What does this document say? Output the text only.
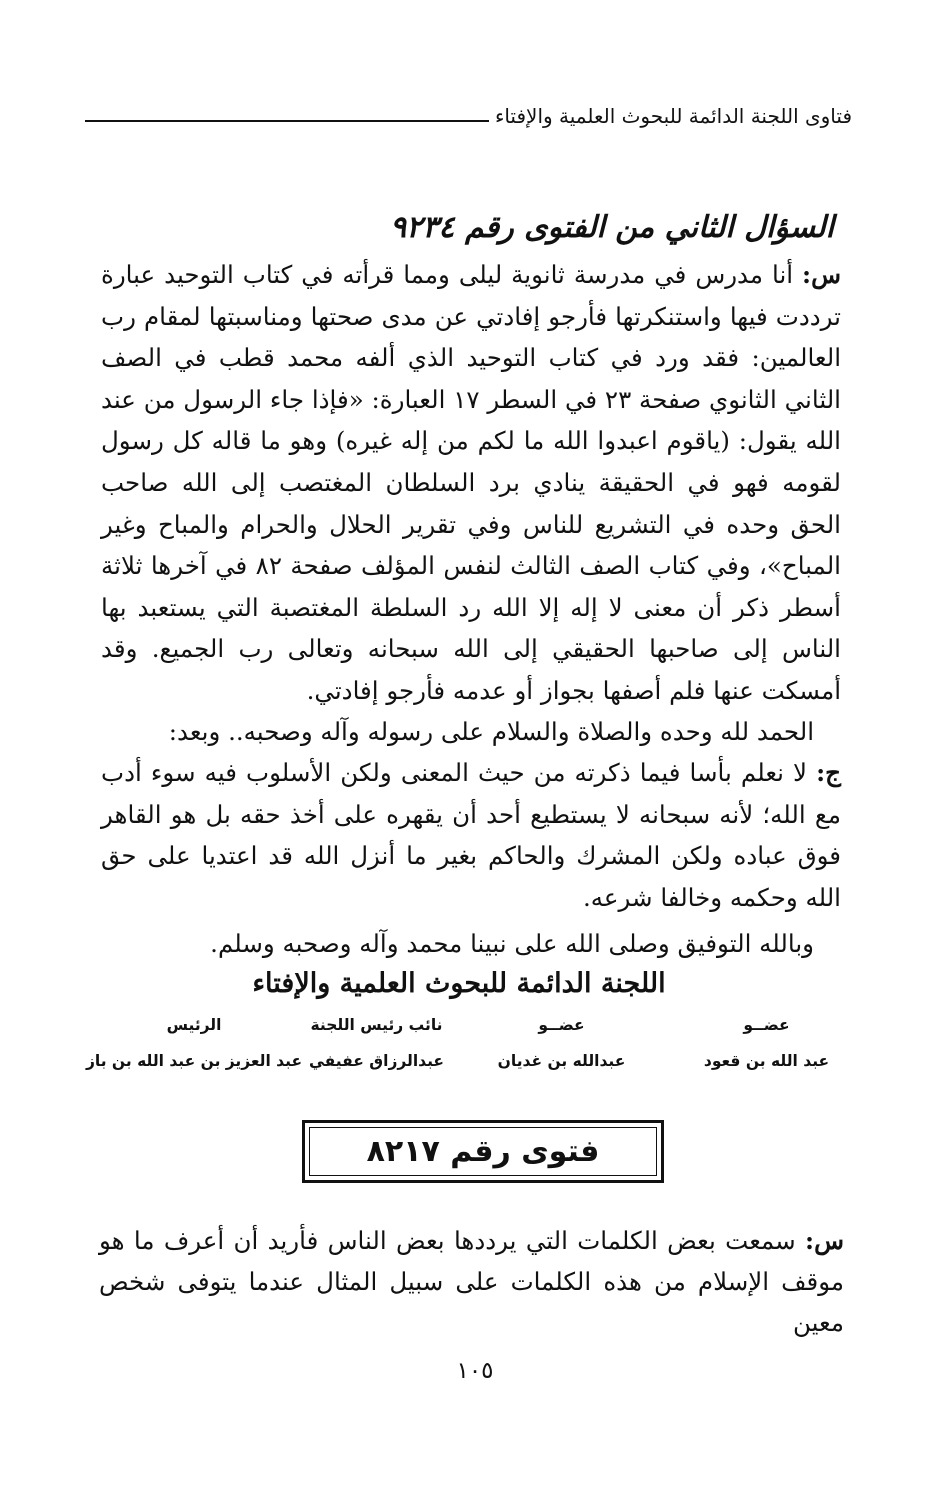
فتاوى اللجنة الدائمة للبحوث العلمية والإفتاء
السؤال الثاني من الفتوى رقم ٩٢٣٤
س: أنا مدرس في مدرسة ثانوية ليلى ومما قرأته في كتاب التوحيد عبارة ترددت فيها واستنكرتها فأرجو إفادتي عن مدى صحتها ومناسبتها لمقام رب العالمين: فقد ورد في كتاب التوحيد الذي ألفه محمد قطب في الصف الثاني الثانوي صفحة ٢٣ في السطر ١٧ العبارة: «فإذا جاء الرسول من عند الله يقول: (ياقوم اعبدوا الله ما لكم من إله غيره) وهو ما قاله كل رسول لقومه فهو في الحقيقة ينادي برد السلطان المغتصب إلى الله صاحب الحق وحده في التشريع للناس وفي تقرير الحلال والحرام والمباح وغير المباح»، وفي كتاب الصف الثالث لنفس المؤلف صفحة ٨٢ في آخرها ثلاثة أسطر ذكر أن معنى لا إله إلا الله رد السلطة المغتصبة التي يستعبد بها الناس إلى صاحبها الحقيقي إلى الله سبحانه وتعالى رب الجميع. وقد أمسكت عنها فلم أصفها بجواز أو عدمه فأرجو إفادتي.
الحمد لله وحده والصلاة والسلام على رسوله وآله وصحبه.. وبعد:
ج: لا نعلم بأسا فيما ذكرته من حيث المعنى ولكن الأسلوب فيه سوء أدب مع الله؛ لأنه سبحانه لا يستطيع أحد أن يقهره على أخذ حقه بل هو القاهر فوق عباده ولكن المشرك والحاكم بغير ما أنزل الله قد اعتديا على حق الله وحكمه وخالفا شرعه.
وبالله التوفيق وصلى الله على نبينا محمد وآله وصحبه وسلم.
اللجنة الدائمة للبحوث العلمية والإفتاء
عضــو
عبد الله بن قعود
عضــو
عبدالله بن غديان
نائب رئيس اللجنة
عبدالرزاق عفيفي
الرئيس
عبد العزيز بن عبد الله بن باز
فتوى رقم ٨٢١٧
س: سمعت بعض الكلمات التي يرددها بعض الناس فأريد أن أعرف ما هو موقف الإسلام من هذه الكلمات على سبيل المثال عندما يتوفى شخص معين
١٠٥
